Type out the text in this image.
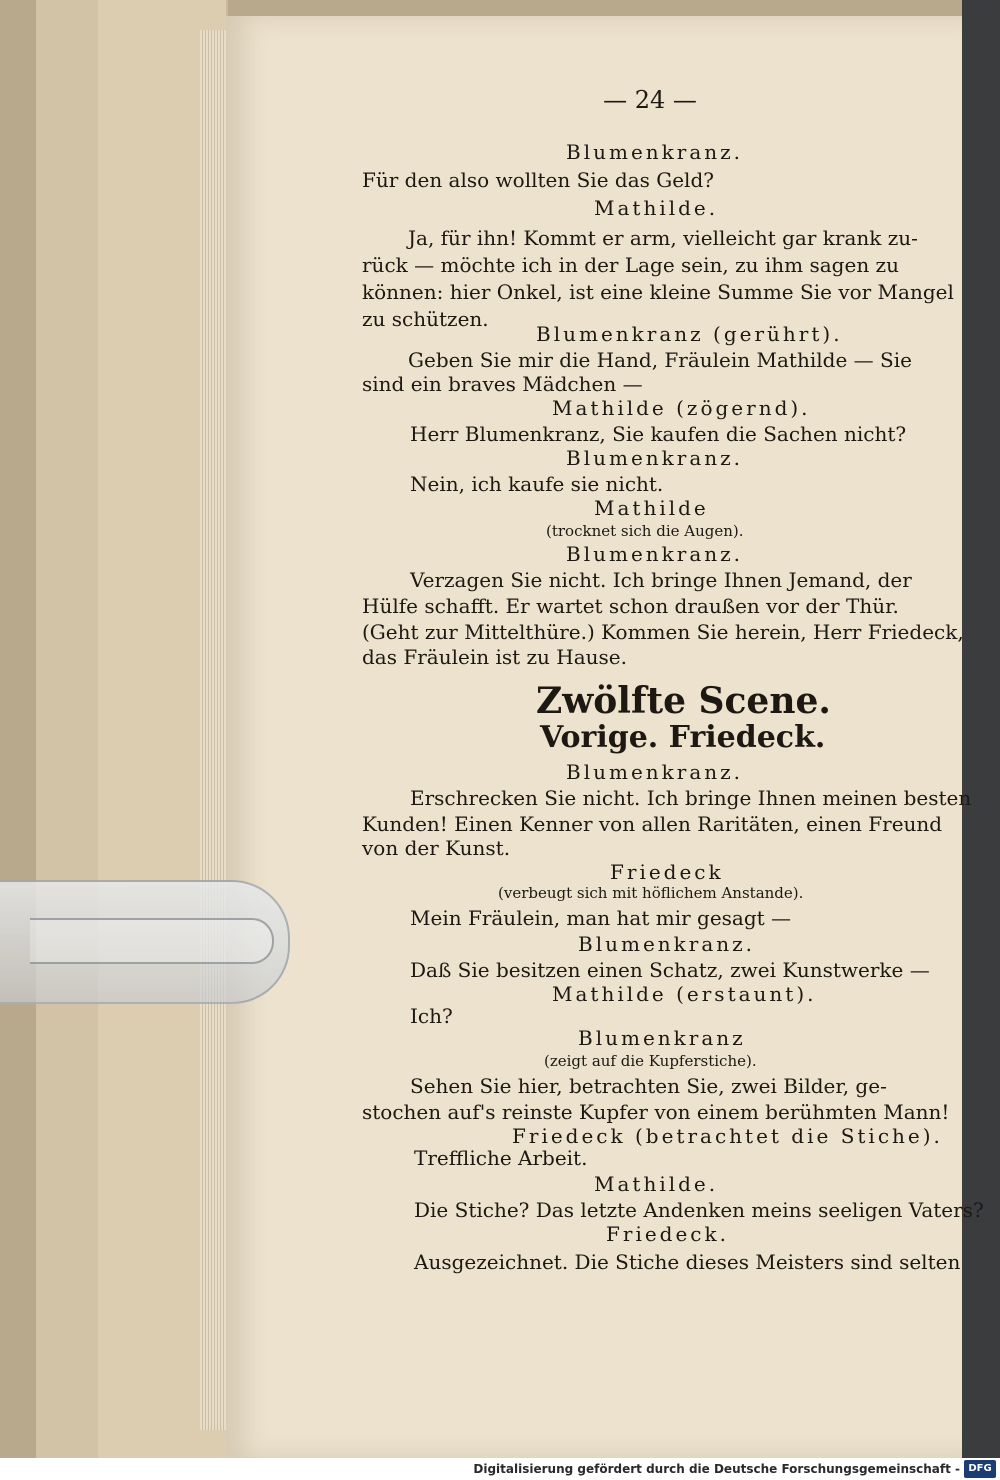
— 24 —
Blumenkranz.
Für den also wollten Sie das Geld?
Mathilde.
Ja, für ihn! Kommt er arm, vielleicht gar krank zu-
rück — möchte ich in der Lage sein, zu ihm sagen zu
können: hier Onkel, ist eine kleine Summe Sie vor Mangel
zu schützen.
Blumenkranz (gerührt).
Geben Sie mir die Hand, Fräulein Mathilde — Sie
sind ein braves Mädchen —
Mathilde (zögernd).
Herr Blumenkranz, Sie kaufen die Sachen nicht?
Blumenkranz.
Nein, ich kaufe sie nicht.
Mathilde
(trocknet sich die Augen).
Blumenkranz.
Verzagen Sie nicht. Ich bringe Ihnen Jemand, der
Hülfe schafft. Er wartet schon draußen vor der Thür.
(Geht zur Mittelthüre.) Kommen Sie herein, Herr Friedeck,
das Fräulein ist zu Hause.
Zwölfte Scene.
Vorige. Friedeck.
Blumenkranz.
Erschrecken Sie nicht. Ich bringe Ihnen meinen besten
Kunden! Einen Kenner von allen Raritäten, einen Freund
von der Kunst.
Friedeck
(verbeugt sich mit höflichem Anstande).
Mein Fräulein, man hat mir gesagt —
Blumenkranz.
Daß Sie besitzen einen Schatz, zwei Kunstwerke —
Mathilde (erstaunt).
Ich?
Blumenkranz
(zeigt auf die Kupferstiche).
Sehen Sie hier, betrachten Sie, zwei Bilder, ge-
stochen auf's reinste Kupfer von einem berühmten Mann!
Friedeck (betrachtet die Stiche).
Treffliche Arbeit.
Mathilde.
Die Stiche? Das letzte Andenken meins seeligen Vaters?
Friedeck.
Ausgezeichnet. Die Stiche dieses Meisters sind selten
Digitalisierung gefördert durch die Deutsche Forschungsgemeinschaft - DFG
